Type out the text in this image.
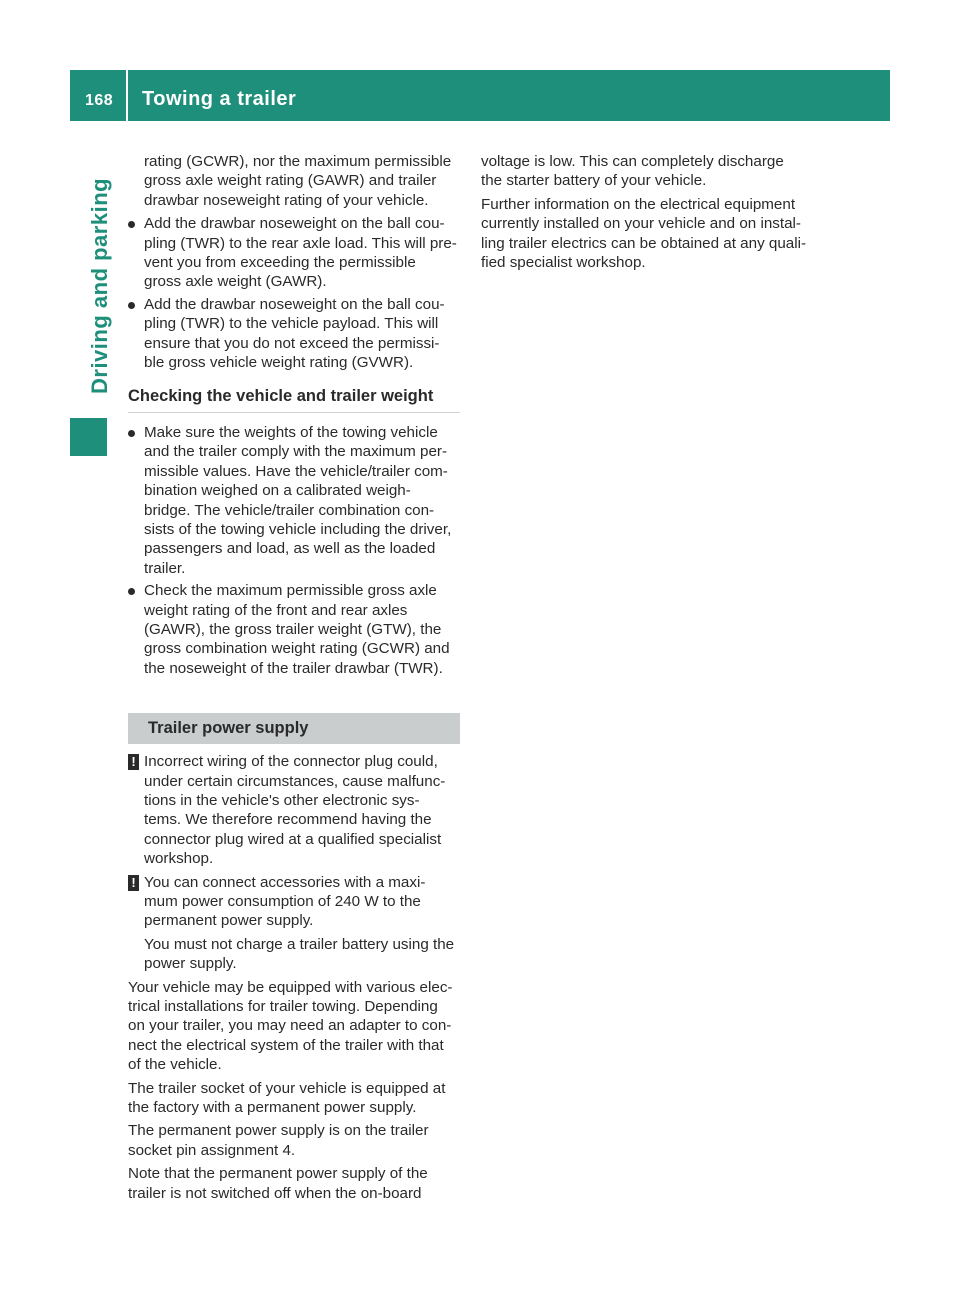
168 Towing a trailer
Driving and parking
rating (GCWR), nor the maximum permissible
gross axle weight rating (GAWR) and trailer
drawbar noseweight rating of your vehicle.
Add the drawbar noseweight on the ball cou-
pling (TWR) to the rear axle load. This will pre-
vent you from exceeding the permissible
gross axle weight (GAWR).
Add the drawbar noseweight on the ball cou-
pling (TWR) to the vehicle payload. This will
ensure that you do not exceed the permissi-
ble gross vehicle weight rating (GVWR).
Checking the vehicle and trailer weight
Make sure the weights of the towing vehicle
and the trailer comply with the maximum per-
missible values. Have the vehicle/trailer com-
bination weighed on a calibrated weigh-
bridge. The vehicle/trailer combination con-
sists of the towing vehicle including the driver,
passengers and load, as well as the loaded
trailer.
Check the maximum permissible gross axle
weight rating of the front and rear axles
(GAWR), the gross trailer weight (GTW), the
gross combination weight rating (GCWR) and
the noseweight of the trailer drawbar (TWR).
Trailer power supply
! Incorrect wiring of the connector plug could,
under certain circumstances, cause malfunc-
tions in the vehicle's other electronic sys-
tems. We therefore recommend having the
connector plug wired at a qualified specialist
workshop.
! You can connect accessories with a maxi-
mum power consumption of 240 W to the
permanent power supply.
You must not charge a trailer battery using the
power supply.
Your vehicle may be equipped with various elec-
trical installations for trailer towing. Depending
on your trailer, you may need an adapter to con-
nect the electrical system of the trailer with that
of the vehicle.
The trailer socket of your vehicle is equipped at
the factory with a permanent power supply.
The permanent power supply is on the trailer
socket pin assignment 4.
Note that the permanent power supply of the
trailer is not switched off when the on-board
voltage is low. This can completely discharge
the starter battery of your vehicle.
Further information on the electrical equipment
currently installed on your vehicle and on instal-
ling trailer electrics can be obtained at any quali-
fied specialist workshop.
